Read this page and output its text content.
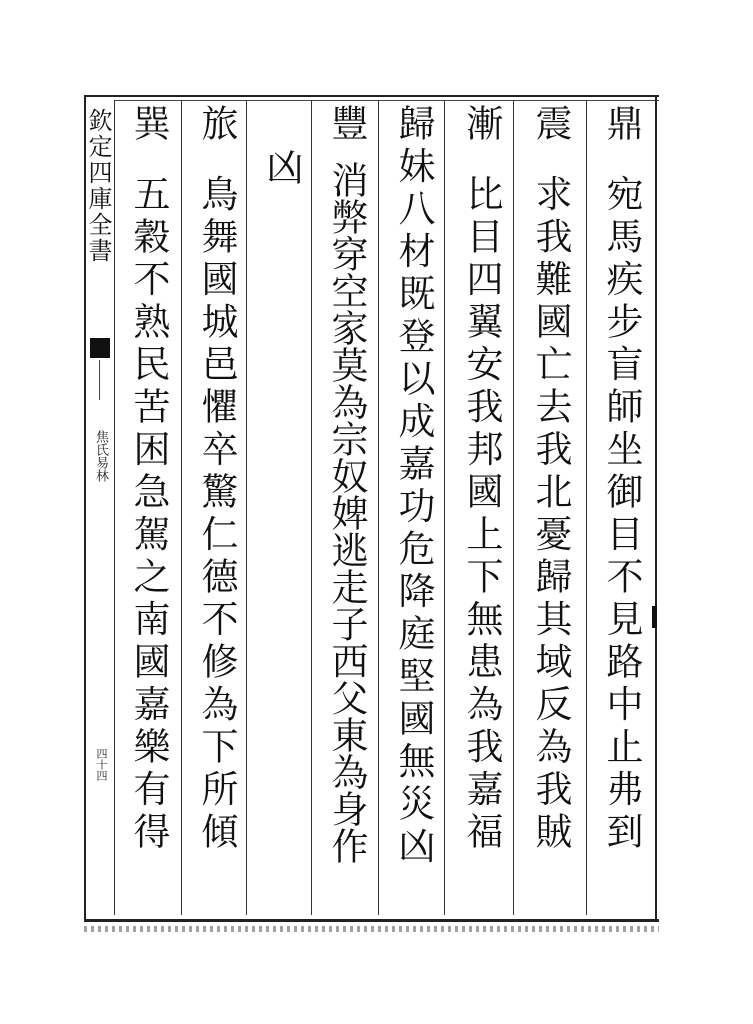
欽定四庫全書
焦氏易林
四十四
鼎宛馬疾步盲師坐御目不見路中止弗到
震求我難國亡去我北憂歸其域反為我賊
漸比目四翼安我邦國上下無患為我嘉福
歸妹八材既登以成嘉功危降庭堅國無災凶
豐消弊穿空家莫為宗奴婢逃走子西父東為身作
凶
旅鳥舞國城邑懼卒驚仁德不修為下所傾
巽五穀不熟民苦困急駕之南國嘉樂有得
